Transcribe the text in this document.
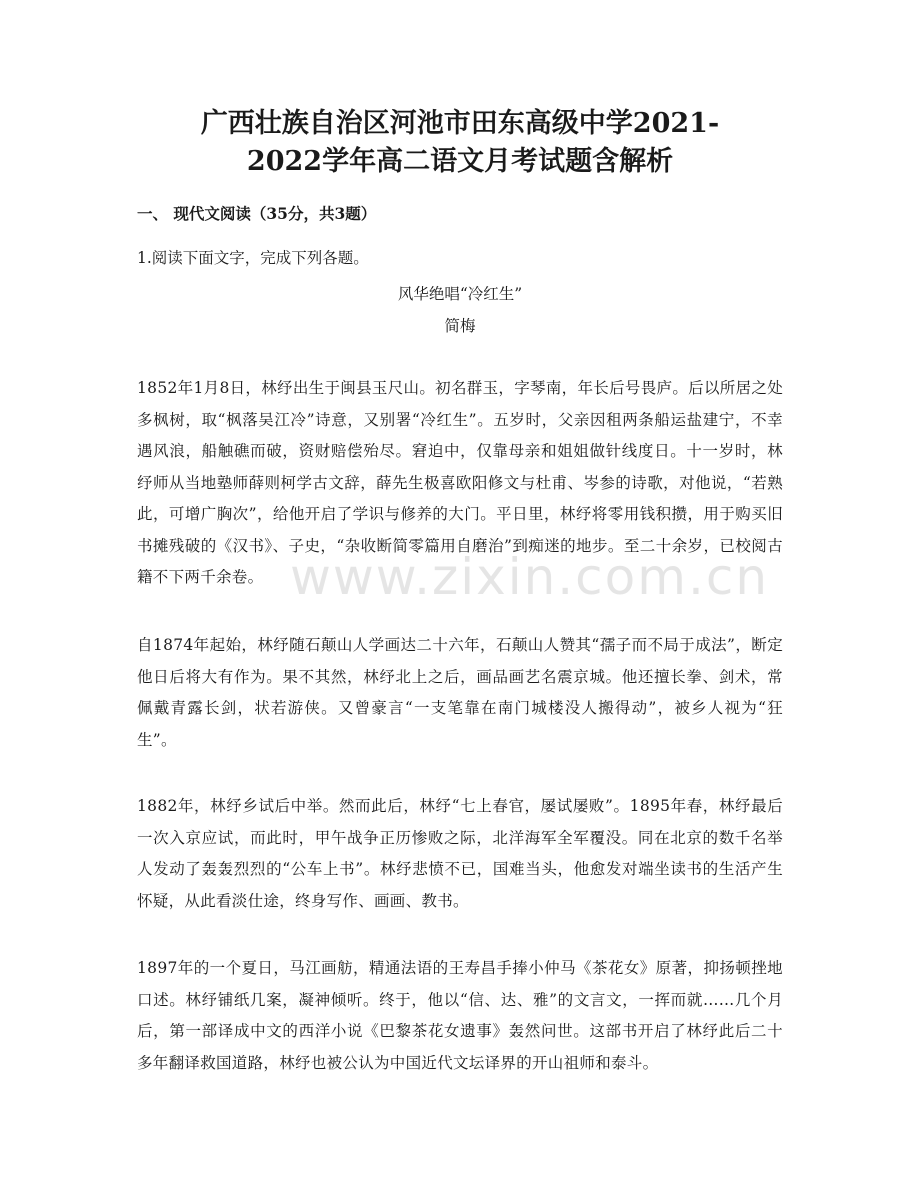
广西壮族自治区河池市田东高级中学2021-
2022学年高二语文月考试题含解析
一、 现代文阅读（35分，共3题）
1.阅读下面文字，完成下列各题。
风华绝唱“冷红生”
简梅
1852年1月8日，林纾出生于闽县玉尺山。初名群玉，字琴南，年长后号畏庐。后以所居之处多枫树，取“枫落吴江冷”诗意，又别署“冷红生”。五岁时，父亲因租两条船运盐建宁，不幸遇风浪，船触礁而破，资财赔偿殆尽。窘迫中，仅靠母亲和姐姐做针线度日。十一岁时，林纾师从当地塾师薛则柯学古文辞，薛先生极喜欧阳修文与杜甫、岑参的诗歌，对他说，“若熟此，可增广胸次”，给他开启了学识与修养的大门。平日里，林纾将零用钱积攒，用于购买旧书摊残破的《汉书》、子史，“杂收断简零篇用自磨治”到痴迷的地步。至二十余岁，已校阅古籍不下两千余卷。
自1874年起始，林纾随石颠山人学画达二十六年，石颠山人赞其“孺子而不局于成法”，断定他日后将大有作为。果不其然，林纾北上之后，画品画艺名震京城。他还擅长拳、剑术，常佩戴青露长剑，状若游侠。又曾豪言“一支笔靠在南门城楼没人搬得动”，被乡人视为“狂生”。
1882年，林纾乡试后中举。然而此后，林纾“七上春官，屡试屡败”。1895年春，林纾最后一次入京应试，而此时，甲午战争正历惨败之际，北洋海军全军覆没。同在北京的数千名举人发动了轰轰烈烈的“公车上书”。林纾悲愤不已，国难当头，他愈发对端坐读书的生活产生怀疑，从此看淡仕途，终身写作、画画、教书。
1897年的一个夏日，马江画舫，精通法语的王寿昌手捧小仲马《茶花女》原著，抑扬顿挫地口述。林纾铺纸几案，凝神倾听。终于，他以“信、达、雅”的文言文，一挥而就……几个月后，第一部译成中文的西洋小说《巴黎茶花女遗事》轰然问世。这部书开启了林纾此后二十多年翻译救国道路，林纾也被公认为中国近代文坛译界的开山祖师和泰斗。
www.zixin.com.cn
